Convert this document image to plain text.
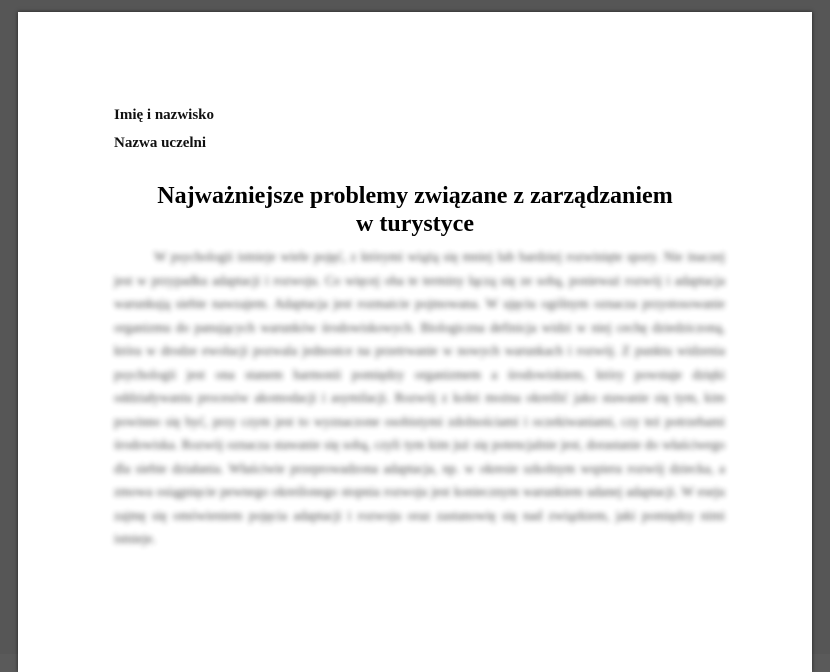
Imię i nazwisko
Nazwa uczelni
Najważniejsze problemy związane z zarządzaniem
w turystyce

W psychologii istnieje wiele pojęć, z którymi wiążą się mniej lub bardziej rozwinięte spory. Nie inaczej jest w przypadku adaptacji i rozwoju. Co więcej oba te terminy łączą się ze sobą, ponieważ rozwój i adaptacja warunkują siebie nawzajem. Adaptacja jest rozmaicie pojmowana. W ujęciu ogólnym oznacza przystosowanie organizmu do panujących warunków środowiskowych. Biologiczna definicja widzi w niej cechę dziedziczoną, która w drodze ewolucji pozwala jednostce na przetrwanie w nowych warunkach i rozwój. Z punktu widzenia psychologii jest ona stanem harmonii pomiędzy organizmem a środowiskiem, który powstaje dzięki oddziaływaniu procesów akomodacji i asymilacji. Rozwój z kolei można określić jako stawanie się tym, kim powinno się być, przy czym jest to wyznaczone osobistymi zdolnościami i oczekiwaniami, czy też potrzebami środowiska. Rozwój oznacza stawanie się sobą, czyli tym kim już się potencjalnie jest, dorastanie do właściwego dla siebie działania. Właściwie przeprowadzona adaptacja, np. w okresie szkolnym wspiera rozwój dziecka, a zmowa osiągnięcie pewnego określonego stopnia rozwoju jest koniecznym warunkiem udanej adaptacji. W eseju zajmę się omówieniem pojęcia adaptacji i rozwoju oraz zastanowię się nad związkiem, jaki pomiędzy nimi istnieje.
